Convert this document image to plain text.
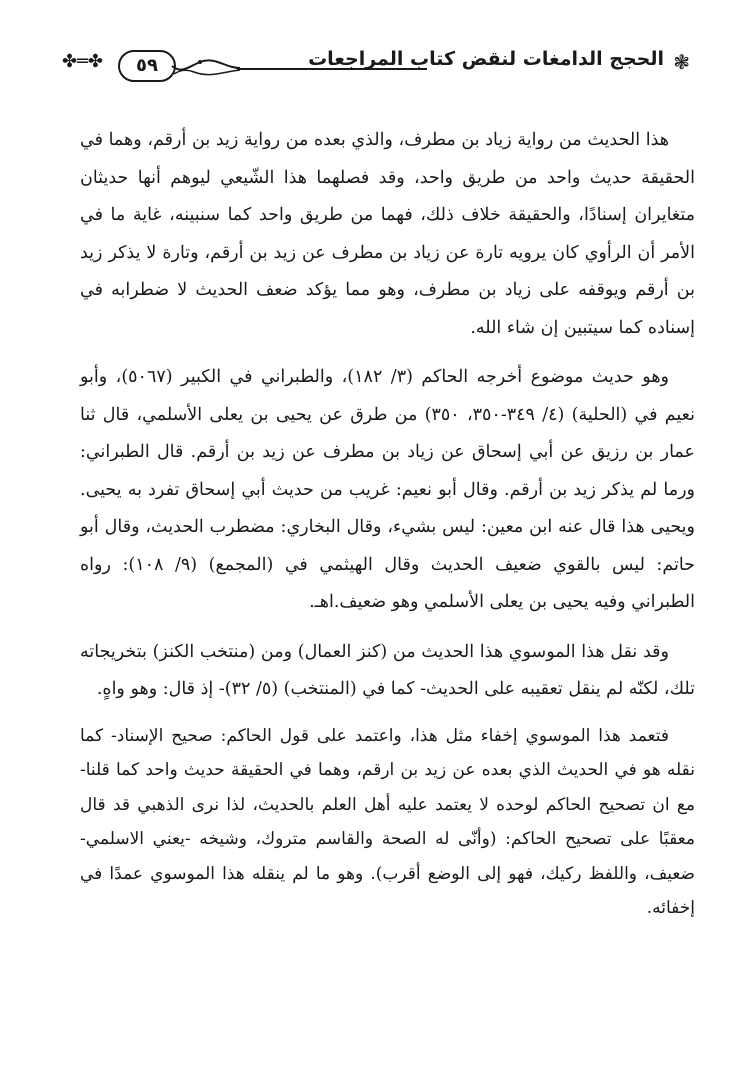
❃
الحجج الدامغات لنقض كتاب المراجعات
٥٩
✤═✤

هذا الحديث من رواية زياد بن مطرف، والذي بعده من رواية زيد بن أرقم، وهما في الحقيقة حديث واحد من طريق واحد، وقد فصلهما هذا الشّيعي ليوهم أنها حديثان متغايران إسنادًا، والحقيقة خلاف ذلك، فهما من طريق واحد كما سنبينه، غاية ما في الأمر أن الرأوي كان يرويه تارة عن زياد بن مطرف عن زيد بن أرقم، وتارة لا يذكر زيد بن أرقم ويوقفه على زياد بن مطرف، وهو مما يؤكد ضعف الحديث لا ضطرابه في إسناده كما سيتبين إن شاء الله.

وهو حديث موضوع أخرجه الحاكم (٣/ ١٨٢)، والطبراني في الكبير (٥٠٦٧)، وأبو نعيم في (الحلية) (٤/ ٣٤٩-٣٥٠، ٣٥٠) من طرق عن يحيى بن يعلى الأسلمي، قال ثنا عمار بن رزيق عن أبي إسحاق عن زياد بن مطرف عن زيد بن أرقم. قال الطبراني: ورما لم يذكر زيد بن أرقم. وقال أبو نعيم: غريب من حديث أبي إسحاق تفرد به يحيى. ويحيى هذا قال عنه ابن معين: ليس بشيء، وقال البخاري: مضطرب الحديث، وقال أبو حاتم: ليس بالقوي ضعيف الحديث وقال الهيثمي في (المجمع) (٩/ ١٠٨): رواه الطبراني وفيه يحيى بن يعلى الأسلمي وهو ضعيف.اهـ.

وقد نقل هذا الموسوي هذا الحديث من (كنز العمال) ومن (منتخب الكنز) بتخريجاته تلك، لكنّه لم ينقل تعقيبه على الحديث- كما في (المنتخب) (٥/ ٣٢)- إذ قال: وهو واهٍ.

فتعمد هذا الموسوي إخفاء مثل هذا، واعتمد على قول الحاكم: صحيح الإسناد- كما نقله هو في الحديث الذي بعده عن زيد بن ارقم، وهما في الحقيقة حديث واحد كما قلنا- مع ان تصحيح الحاكم لوحده لا يعتمد عليه أهل العلم بالحديث، لذا نرى الذهبي قد قال معقبًا على تصحيح الحاكم: (وأنّى له الصحة والقاسم متروك، وشيخه -يعني الاسلمي- ضعيف، واللفظ ركيك، فهو إلى الوضع أقرب). وهو ما لم ينقله هذا الموسوي عمدًا في إخفائه.
